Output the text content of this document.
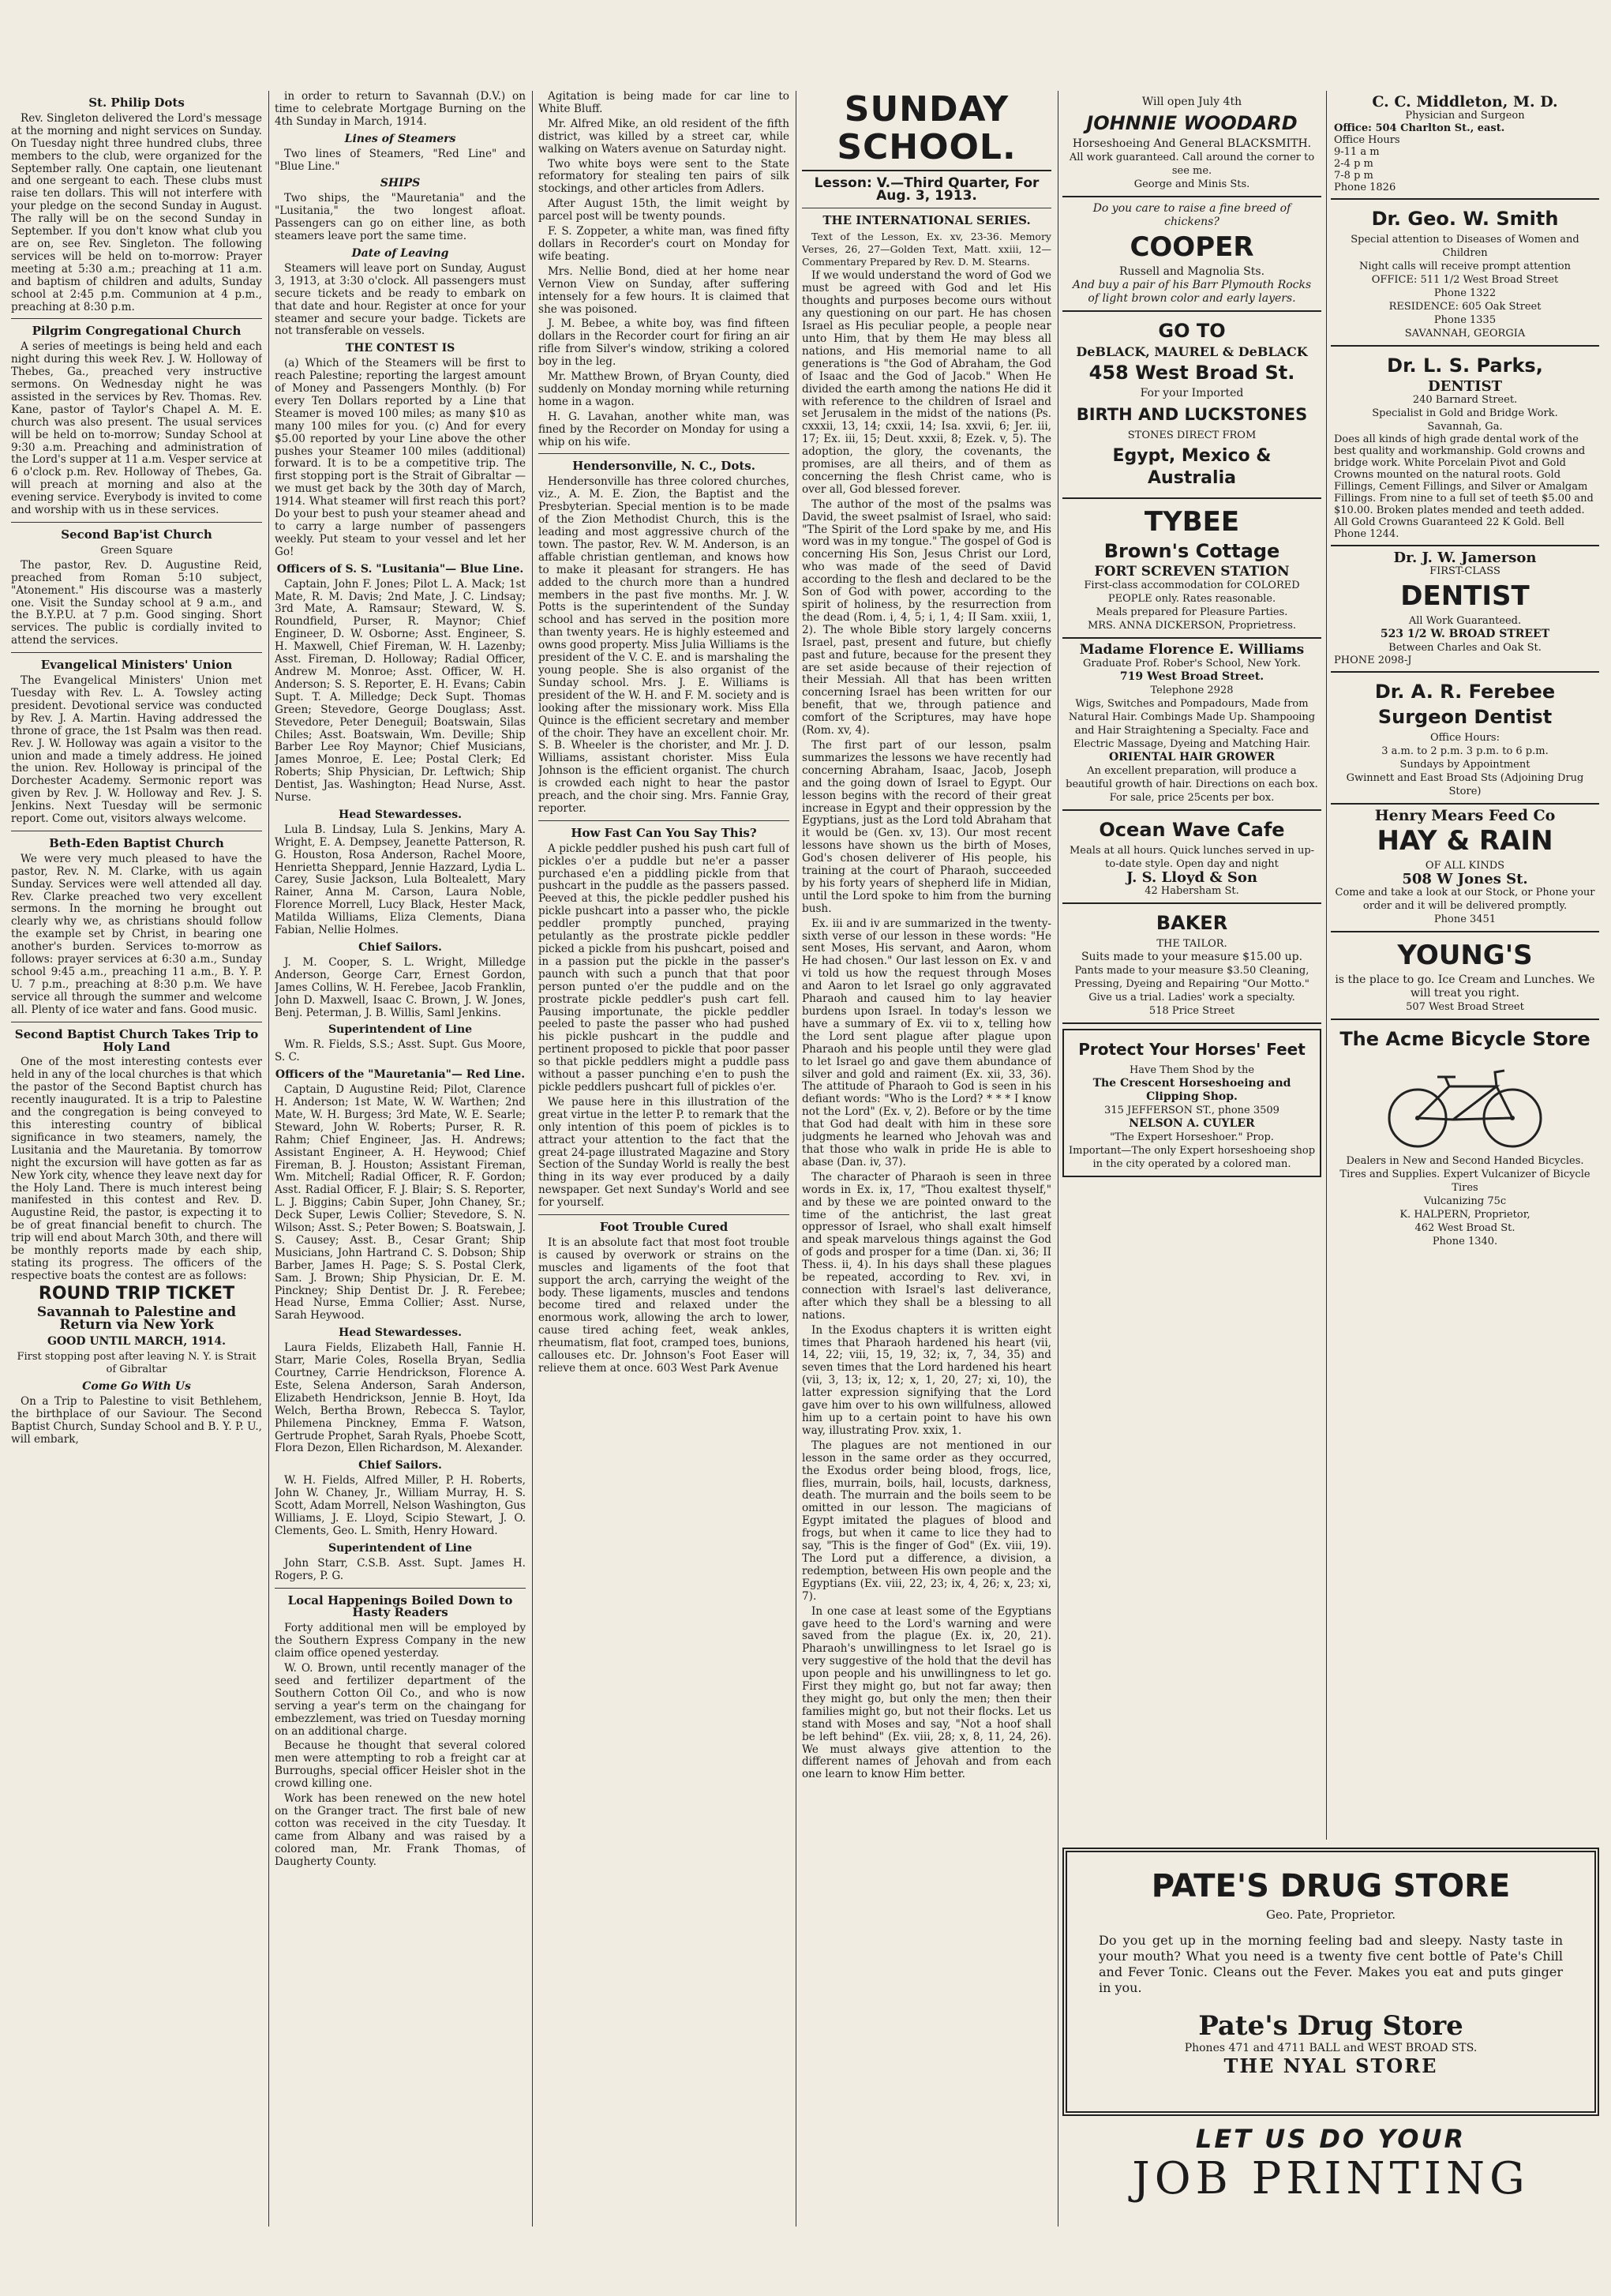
St. Philip Dots

Rev. Singleton delivered the Lord's message at the morning and night services on Sunday. On Tuesday night three hundred clubs, three members to the club, were organized for the September rally. One captain, one lieutenant and one sergeant to each. These clubs must raise ten dollars. This will not interfere with your pledge on the second Sunday in August. The rally will be on the second Sunday in September. If you don't know what club you are on, see Rev. Singleton. The following services will be held on to-morrow: Prayer meeting at 5:30 a.m.; preaching at 11 a.m. and baptism of children and adults, Sunday school at 2:45 p.m. Communion at 4 p.m., preaching at 8:30 p.m.

Pilgrim Congregational Church

A series of meetings is being held and each night during this week Rev. J. W. Holloway of Thebes, Ga., preached very instructive sermons. On Wednesday night he was assisted in the services by Rev. Thomas. Rev. Kane, pastor of Taylor's Chapel A. M. E. church was also present. The usual services will be held on to-morrow; Sunday School at 9:30 a.m. Preaching and administration of the Lord's supper at 11 a.m. Vesper service at 6 o'clock p.m. Rev. Holloway of Thebes, Ga. will preach at morning and also at the evening service. Everybody is invited to come and worship with us in these services.

Second Bap'ist Church
Green Square

The pastor, Rev. D. Augustine Reid, preached from Roman 5:10 subject, "Atonement." His discourse was a masterly one. Visit the Sunday school at 9 a.m., and the B.Y.P.U. at 7 p.m. Good singing. Short services. The public is cordially invited to attend the services.

Evangelical Ministers' Union

The Evangelical Ministers' Union met Tuesday with Rev. L. A. Towsley acting president. Devotional service was conducted by Rev. J. A. Martin. Having addressed the throne of grace, the 1st Psalm was then read. Rev. J. W. Holloway was again a visitor to the union and made a timely address. He joined the union. Rev. Holloway is principal of the Dorchester Academy. Sermonic report was given by Rev. J. W. Holloway and Rev. J. S. Jenkins. Next Tuesday will be sermonic report. Come out, visitors always welcome.

Beth-Eden Baptist Church

We were very much pleased to have the pastor, Rev. N. M. Clarke, with us again Sunday. Services were well attended all day. Rev. Clarke preached two very excellent sermons. In the morning he brought out clearly why we, as christians should follow the example set by Christ, in bearing one another's burden. Services to-morrow as follows: prayer services at 6:30 a.m., Sunday school 9:45 a.m., preaching 11 a.m., B. Y. P. U. 7 p.m., preaching at 8:30 p.m. We have service all through the summer and welcome all. Plenty of ice water and fans. Good music.

Second Baptist Church Takes Trip to Holy Land

One of the most interesting contests ever held in any of the local churches is that which the pastor of the Second Baptist church has recently inaugurated. It is a trip to Palestine and the congregation is being conveyed to this interesting country of biblical significance in two steamers, namely, the Lusitania and the Mauretania. By tomorrow night the excursion will have gotten as far as New York city, whence they leave next day for the Holy Land. There is much interest being manifested in this contest and Rev. D. Augustine Reid, the pastor, is expecting it to be of great financial benefit to church. The trip will end about March 30th, and there will be monthly reports made by each ship, stating its progress. The officers of the respective boats the contest are as follows:

ROUND TRIP TICKET
Savannah to Palestine and Return via New York
GOOD UNTIL MARCH, 1914.
First stopping post after leaving N. Y. is Strait of Gibraltar
Come Go With Us

On a Trip to Palestine to visit Bethlehem, the birthplace of our Saviour. The Second Baptist Church, Sunday School and B. Y. P. U., will embark,

in order to return to Savannah (D.V.) on time to celebrate Mortgage Burning on the 4th Sunday in March, 1914.

Lines of Steamers

Two lines of Steamers, "Red Line" and "Blue Line."

SHIPS

Two ships, the "Mauretania" and the "Lusitania," the two longest afloat. Passengers can go on either line, as both steamers leave port the same time.

Date of Leaving

Steamers will leave port on Sunday, August 3, 1913, at 3:30 o'clock. All passengers must secure tickets and be ready to embark on that date and hour. Register at once for your steamer and secure your badge. Tickets are not transferable on vessels.

THE CONTEST IS

(a) Which of the Steamers will be first to reach Palestine; reporting the largest amount of Money and Passengers Monthly. (b) For every Ten Dollars reported by a Line that Steamer is moved 100 miles; as many $10 as many 100 miles for you. (c) And for every $5.00 reported by your Line above the other pushes your Steamer 100 miles (additional) forward. It is to be a competitive trip. The first stopping port is the Strait of Gibraltar — we must get back by the 30th day of March, 1914. What steamer will first reach this port? Do your best to push your steamer ahead and to carry a large number of passengers weekly. Put steam to your vessel and let her Go!

Officers of S. S. "Lusitania"— Blue Line.

Captain, John F. Jones; Pilot L. A. Mack; 1st Mate, R. M. Davis; 2nd Mate, J. C. Lindsay; 3rd Mate, A. Ramsaur; Steward, W. S. Roundfield, Purser, R. Maynor; Chief Engineer, D. W. Osborne; Asst. Engineer, S. H. Maxwell, Chief Fireman, W. H. Lazenby; Asst. Fireman, D. Holloway; Radial Officer, Andrew M. Monroe; Asst. Officer, W. H. Anderson; S. S. Reporter, E. H. Evans; Cabin Supt. T. A. Milledge; Deck Supt. Thomas Green; Stevedore, George Douglass; Asst. Stevedore, Peter Deneguil; Boatswain, Silas Chiles; Asst. Boatswain, Wm. Deville; Ship Barber Lee Roy Maynor; Chief Musicians, James Monroe, E. Lee; Postal Clerk; Ed Roberts; Ship Physician, Dr. Leftwich; Ship Dentist, Jas. Washington; Head Nurse, Asst. Nurse.

Head Stewardesses.

Lula B. Lindsay, Lula S. Jenkins, Mary A. Wright, E. A. Dempsey, Jeanette Patterson, R. G. Houston, Rosa Anderson, Rachel Moore, Henrietta Sheppard, Jennie Hazzard, Lydia L. Carey, Susie Jackson, Lula Boltealett, Mary Rainer, Anna M. Carson, Laura Noble, Florence Morrell, Lucy Black, Hester Mack, Matilda Williams, Eliza Clements, Diana Fabian, Nellie Holmes.

Chief Sailors.

J. M. Cooper, S. L. Wright, Milledge Anderson, George Carr, Ernest Gordon, James Collins, W. H. Ferebee, Jacob Franklin, John D. Maxwell, Isaac C. Brown, J. W. Jones, Benj. Peterman, J. B. Willis, Saml Jenkins.

Superintendent of Line

Wm. R. Fields, S.S.; Asst. Supt. Gus Moore, S. C.

Officers of the "Mauretania"— Red Line.

Captain, D Augustine Reid; Pilot, Clarence H. Anderson; 1st Mate, W. W. Warthen; 2nd Mate, W. H. Burgess; 3rd Mate, W. E. Searle; Steward, John W. Roberts; Purser, R. R. Rahm; Chief Engineer, Jas. H. Andrews; Assistant Engineer, A. H. Heywood; Chief Fireman, B. J. Houston; Assistant Fireman, Wm. Mitchell; Radial Officer, R. F. Gordon; Asst. Radial Officer, F. J. Blair; S. S. Reporter, L. J. Biggins; Cabin Super, John Chaney, Sr.; Deck Super, Lewis Collier; Stevedore, S. N. Wilson; Asst. S.; Peter Bowen; S. Boatswain, J. S. Causey; Asst. B., Cesar Grant; Ship Musicians, John Hartrand C. S. Dobson; Ship Barber, James H. Page; S. S. Postal Clerk, Sam. J. Brown; Ship Physician, Dr. E. M. Pinckney; Ship Dentist Dr. J. R. Ferebee; Head Nurse, Emma Collier; Asst. Nurse, Sarah Heywood.

Head Stewardesses.

Laura Fields, Elizabeth Hall, Fannie H. Starr, Marie Coles, Rosella Bryan, Sedlia Courtney, Carrie Hendrickson, Florence A. Este, Selena Anderson, Sarah Anderson, Elizabeth Hendrickson, Jennie B. Hoyt, Ida Welch, Bertha Brown, Rebecca S. Taylor, Philemena Pinckney, Emma F. Watson, Gertrude Prophet, Sarah Ryals, Phoebe Scott, Flora Dezon, Ellen Richardson, M. Alexander.

Chief Sailors.

W. H. Fields, Alfred Miller, P. H. Roberts, John W. Chaney, Jr., William Murray, H. S. Scott, Adam Morrell, Nelson Washington, Gus Williams, J. E. Lloyd, Scipio Stewart, J. O. Clements, Geo. L. Smith, Henry Howard.

Superintendent of Line

John Starr, C.S.B. Asst. Supt. James H. Rogers, P. G.

Local Happenings Boiled Down to Hasty Readers

Forty additional men will be employed by the Southern Express Company in the new claim office opened yesterday.

W. O. Brown, until recently manager of the seed and fertilizer department of the Southern Cotton Oil Co., and who is now serving a year's term on the chaingang for embezzlement, was tried on Tuesday morning on an additional charge.

Because he thought that several colored men were attempting to rob a freight car at Burroughs, special officer Heisler shot in the crowd killing one.

Work has been renewed on the new hotel on the Granger tract. The first bale of new cotton was received in the city Tuesday. It came from Albany and was raised by a colored man, Mr. Frank Thomas, of Daugherty County.

Agitation is being made for car line to White Bluff.

Mr. Alfred Mike, an old resident of the fifth district, was killed by a street car, while walking on Waters avenue on Saturday night.

Two white boys were sent to the State reformatory for stealing ten pairs of silk stockings, and other articles from Adlers.

After August 15th, the limit weight by parcel post will be twenty pounds.

F. S. Zoppeter, a white man, was fined fifty dollars in Recorder's court on Monday for wife beating.

Mrs. Nellie Bond, died at her home near Vernon View on Sunday, after suffering intensely for a few hours. It is claimed that she was poisoned.

J. M. Bebee, a white boy, was find fifteen dollars in the Recorder court for firing an air rifle from Silver's window, striking a colored boy in the leg.

Mr. Matthew Brown, of Bryan County, died suddenly on Monday morning while returning home in a wagon.

H. G. Lavahan, another white man, was fined by the Recorder on Monday for using a whip on his wife.

Hendersonville, N. C., Dots.

Hendersonville has three colored churches, viz., A. M. E. Zion, the Baptist and the Presbyterian. Special mention is to be made of the Zion Methodist Church, this is the leading and most aggressive church of the town. The pastor, Rev. W. M. Anderson, is an affable christian gentleman, and knows how to make it pleasant for strangers. He has added to the church more than a hundred members in the past five months. Mr. J. W. Potts is the superintendent of the Sunday school and has served in the position more than twenty years. He is highly esteemed and owns good property. Miss Julia Williams is the president of the V. C. E. and is marshaling the young people. She is also organist of the Sunday school. Mrs. J. E. Williams is president of the W. H. and F. M. society and is looking after the missionary work. Miss Ella Quince is the efficient secretary and member of the choir. They have an excellent choir. Mr. S. B. Wheeler is the chorister, and Mr. J. D. Williams, assistant chorister. Miss Eula Johnson is the efficient organist. The church is crowded each night to hear the pastor preach, and the choir sing. Mrs. Fannie Gray, reporter.

How Fast Can You Say This?

A pickle peddler pushed his push cart full of pickles o'er a puddle but ne'er a passer purchased e'en a piddling pickle from that pushcart in the puddle as the passers passed. Peeved at this, the pickle peddler pushed his pickle pushcart into a passer who, the pickle peddler promptly punched, praying petulantly as the prostrate pickle peddler picked a pickle from his pushcart, poised and in a passion put the pickle in the passer's paunch with such a punch that that poor person punted o'er the puddle and on the prostrate pickle peddler's push cart fell. Pausing importunate, the pickle peddler peeled to paste the passer who had pushed his pickle pushcart in the puddle and pertinent proposed to pickle that poor passer so that pickle peddlers might a puddle pass without a passer punching e'en to push the pickle peddlers pushcart full of pickles o'er.

We pause here in this illustration of the great virtue in the letter P. to remark that the only intention of this poem of pickles is to attract your attention to the fact that the great 24-page illustrated Magazine and Story Section of the Sunday World is really the best thing in its way ever produced by a daily newspaper. Get next Sunday's World and see for yourself.

Foot Trouble Cured

It is an absolute fact that most foot trouble is caused by overwork or strains on the muscles and ligaments of the foot that support the arch, carrying the weight of the body. These ligaments, muscles and tendons become tired and relaxed under the enormous work, allowing the arch to lower, cause tired aching feet, weak ankles, rheumatism, flat foot, cramped toes, bunions, callouses etc. Dr. Johnson's Foot Easer will relieve them at once. 603 West Park Avenue

SUNDAY SCHOOL.
Lesson: V.—Third Quarter, For Aug. 3, 1913.
THE INTERNATIONAL SERIES.

Text of the Lesson, Ex. xv, 23-36. Memory Verses, 26, 27—Golden Text, Matt. xxiii, 12—Commentary Prepared by Rev. D. M. Stearns.

If we would understand the word of God we must be agreed with God and let His thoughts and purposes become ours without any questioning on our part. He has chosen Israel as His peculiar people, a people near unto Him, that by them He may bless all nations, and His memorial name to all generations is "the God of Abraham, the God of Isaac and the God of Jacob." When He divided the earth among the nations He did it with reference to the children of Israel and set Jerusalem in the midst of the nations (Ps. cxxxii, 13, 14; cxxii, 14; Isa. xxvii, 6; Jer. iii, 17; Ex. iii, 15; Deut. xxxii, 8; Ezek. v, 5). The adoption, the glory, the covenants, the promises, are all theirs, and of them as concerning the flesh Christ came, who is over all, God blessed forever.

The author of the most of the psalms was David, the sweet psalmist of Israel, who said: "The Spirit of the Lord spake by me, and His word was in my tongue." The gospel of God is concerning His Son, Jesus Christ our Lord, who was made of the seed of David according to the flesh and declared to be the Son of God with power, according to the spirit of holiness, by the resurrection from the dead (Rom. i, 4, 5; i, 1, 4; II Sam. xxiii, 1, 2). The whole Bible story largely concerns Israel, past, present and future, but chiefly past and future, because for the present they are set aside because of their rejection of their Messiah. All that has been written concerning Israel has been written for our benefit, that we, through patience and comfort of the Scriptures, may have hope (Rom. xv, 4).

The first part of our lesson, psalm summarizes the lessons we have recently had concerning Abraham, Isaac, Jacob, Joseph and the going down of Israel to Egypt. Our lesson begins with the record of their great increase in Egypt and their oppression by the Egyptians, just as the Lord told Abraham that it would be (Gen. xv, 13). Our most recent lessons have shown us the birth of Moses, God's chosen deliverer of His people, his training at the court of Pharaoh, succeeded by his forty years of shepherd life in Midian, until the Lord spoke to him from the burning bush.

Ex. iii and iv are summarized in the twenty-sixth verse of our lesson in these words: "He sent Moses, His servant, and Aaron, whom He had chosen." Our last lesson on Ex. v and vi told us how the request through Moses and Aaron to let Israel go only aggravated Pharaoh and caused him to lay heavier burdens upon Israel. In today's lesson we have a summary of Ex. vii to x, telling how the Lord sent plague after plague upon Pharaoh and his people until they were glad to let Israel go and gave them abundance of silver and gold and raiment (Ex. xii, 33, 36). The attitude of Pharaoh to God is seen in his defiant words: "Who is the Lord? * * * I know not the Lord" (Ex. v, 2). Before or by the time that God had dealt with him in these sore judgments he learned who Jehovah was and that those who walk in pride He is able to abase (Dan. iv, 37).

The character of Pharaoh is seen in three words in Ex. ix, 17, "Thou exaltest thyself," and by these we are pointed onward to the time of the antichrist, the last great oppressor of Israel, who shall exalt himself and speak marvelous things against the God of gods and prosper for a time (Dan. xi, 36; II Thess. ii, 4). In his days shall these plagues be repeated, according to Rev. xvi, in connection with Israel's last deliverance, after which they shall be a blessing to all nations.

In the Exodus chapters it is written eight times that Pharaoh hardened his heart (vii, 14, 22; viii, 15, 19, 32; ix, 7, 34, 35) and seven times that the Lord hardened his heart (vii, 3, 13; ix, 12; x, 1, 20, 27; xi, 10), the latter expression signifying that the Lord gave him over to his own willfulness, allowed him up to a certain point to have his own way, illustrating Prov. xxix, 1.

The plagues are not mentioned in our lesson in the same order as they occurred, the Exodus order being blood, frogs, lice, flies, murrain, boils, hail, locusts, darkness, death. The murrain and the boils seem to be omitted in our lesson. The magicians of Egypt imitated the plagues of blood and frogs, but when it came to lice they had to say, "This is the finger of God" (Ex. viii, 19). The Lord put a difference, a division, a redemption, between His own people and the Egyptians (Ex. viii, 22, 23; ix, 4, 26; x, 23; xi, 7).

In one case at least some of the Egyptians gave heed to the Lord's warning and were saved from the plague (Ex. ix, 20, 21). Pharaoh's unwillingness to let Israel go is very suggestive of the hold that the devil has upon people and his unwillingness to let go. First they might go, but not far away; then they might go, but only the men; then their families might go, but not their flocks. Let us stand with Moses and say, "Not a hoof shall be left behind" (Ex. viii, 28; x, 8, 11, 24, 26). We must always give attention to the different names of Jehovah and from each one learn to know Him better.

Will open July 4th
JOHNNIE WOODARD
Horseshoeing And General BLACKSMITH.
All work guaranteed. Call around the corner to see me.
George and Minis Sts.
Do you care to raise a fine breed of chickens?
COOPER
Russell and Magnolia Sts.
And buy a pair of his Barr Plymouth Rocks of light brown color and early layers.
GO TO
DeBLACK, MAUREL & DeBLACK
458 West Broad St.
For your Imported
BIRTH AND LUCKSTONES
STONES DIRECT FROM
Egypt, Mexico & Australia
TYBEE
Brown's Cottage
FORT SCREVEN STATION
First-class accommodation for COLORED PEOPLE only. Rates reasonable.
Meals prepared for Pleasure Parties.
MRS. ANNA DICKERSON, Proprietress.
Madame Florence E. Williams
Graduate Prof. Rober's School, New York.
719 West Broad Street.
Telephone 2928
Wigs, Switches and Pompadours, Made from Natural Hair. Combings Made Up. Shampooing and Hair Straightening a Specialty. Face and Electric Massage, Dyeing and Matching Hair.
ORIENTAL HAIR GROWER
An excellent preparation, will produce a beautiful growth of hair. Directions on each box. For sale, price 25cents per box.
Ocean Wave Cafe
Meals at all hours. Quick lunches served in up-to-date style. Open day and night
J. S. Lloyd & Son
42 Habersham St.
BAKER
THE TAILOR.
Suits made to your measure $15.00 up.
Pants made to your measure $3.50 Cleaning, Pressing, Dyeing and Repairing "Our Motto." Give us a trial. Ladies' work a specialty.
518 Price Street
Protect Your Horses' Feet
Have Them Shod by the
The Crescent Horseshoeing and Clipping Shop.
315 JEFFERSON ST., phone 3509
NELSON A. CUYLER
"The Expert Horseshoer." Prop.
Important—The only Expert horseshoeing shop in the city operated by a colored man.
C. C. Middleton, M. D.
Physician and Surgeon
Office: 504 Charlton St., east.
Office Hours
9-11 a m
2-4 p m
7-8 p m
Phone 1826
Dr. Geo. W. Smith
Special attention to Diseases of Women and Children
Night calls will receive prompt attention
OFFICE: 511 1/2 West Broad Street
Phone 1322
RESIDENCE: 605 Oak Street
Phone 1335
SAVANNAH, GEORGIA
Dr. L. S. Parks,
DENTIST
240 Barnard Street.
Specialist in Gold and Bridge Work.
Savannah, Ga.
Does all kinds of high grade dental work of the best quality and workmanship. Gold crowns and bridge work. White Porcelain Pivot and Gold Crowns mounted on the natural roots. Gold Fillings, Cement Fillings, and Silver or Amalgam Fillings. From nine to a full set of teeth $5.00 and $10.00. Broken plates mended and teeth added. All Gold Crowns Guaranteed 22 K Gold. Bell Phone 1244.
Dr. J. W. Jamerson
FIRST-CLASS
DENTIST
All Work Guaranteed.
523 1/2 W. BROAD STREET
Between Charles and Oak St.
PHONE 2098-J
Dr. A. R. Ferebee
Surgeon Dentist
Office Hours:
3 a.m. to 2 p.m. 3 p.m. to 6 p.m.
Sundays by Appointment
Gwinnett and East Broad Sts (Adjoining Drug Store)
Henry Mears Feed Co
HAY & RAIN
OF ALL KINDS
508 W Jones St.
Come and take a look at our Stock, or Phone your order and it will be delivered promptly.
Phone 3451
YOUNG'S
is the place to go. Ice Cream and Lunches. We will treat you right.
507 West Broad Street
The Acme Bicycle Store
Dealers in New and Second Handed Bicycles. Tires and Supplies. Expert Vulcanizer of Bicycle Tires
Vulcanizing 75c
K. HALPERN, Proprietor,
462 West Broad St.
Phone 1340.
PATE'S DRUG STORE
Geo. Pate, Proprietor.
Do you get up in the morning feeling bad and sleepy. Nasty taste in your mouth? What you need is a twenty five cent bottle of Pate's Chill and Fever Tonic. Cleans out the Fever. Makes you eat and puts ginger in you.
Pate's Drug Store
Phones 471 and 4711 BALL and WEST BROAD STS.
THE NYAL STORE
LET US DO YOUR
JOB PRINTING
